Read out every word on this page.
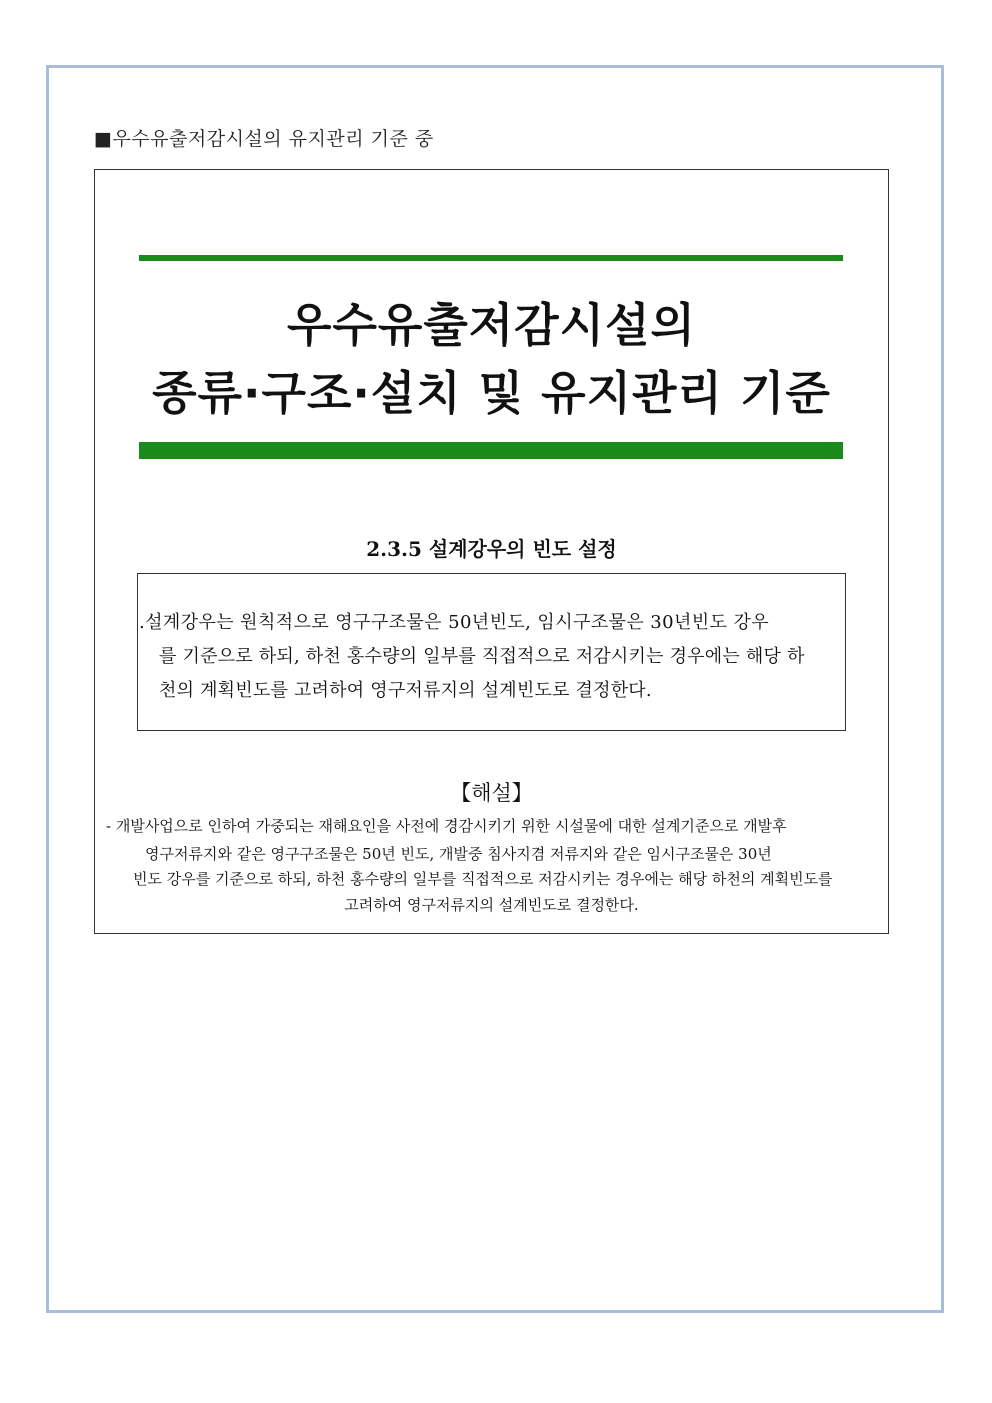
■우수유출저감시설의 유지관리 기준 중
우수유출저감시설의
종류·구조·설치 및 유지관리 기준
2.3.5 설계강우의 빈도 설정
.설계강우는 원칙적으로 영구구조물은 50년빈도, 임시구조물은 30년빈도 강우
를 기준으로 하되, 하천 홍수량의 일부를 직접적으로 저감시키는 경우에는 해당 하
천의 계획빈도를 고려하여 영구저류지의 설계빈도로 결정한다.
【해설】
- 개발사업으로 인하여 가중되는 재해요인을 사전에 경감시키기 위한 시설물에 대한 설계기준으로 개발후
영구저류지와 같은 영구구조물은 50년 빈도, 개발중 침사지겸 저류지와 같은 임시구조물은 30년
빈도 강우를 기준으로 하되, 하천 홍수량의 일부를 직접적으로 저감시키는 경우에는 해당 하천의 계획빈도를
고려하여 영구저류지의 설계빈도로 결정한다.
